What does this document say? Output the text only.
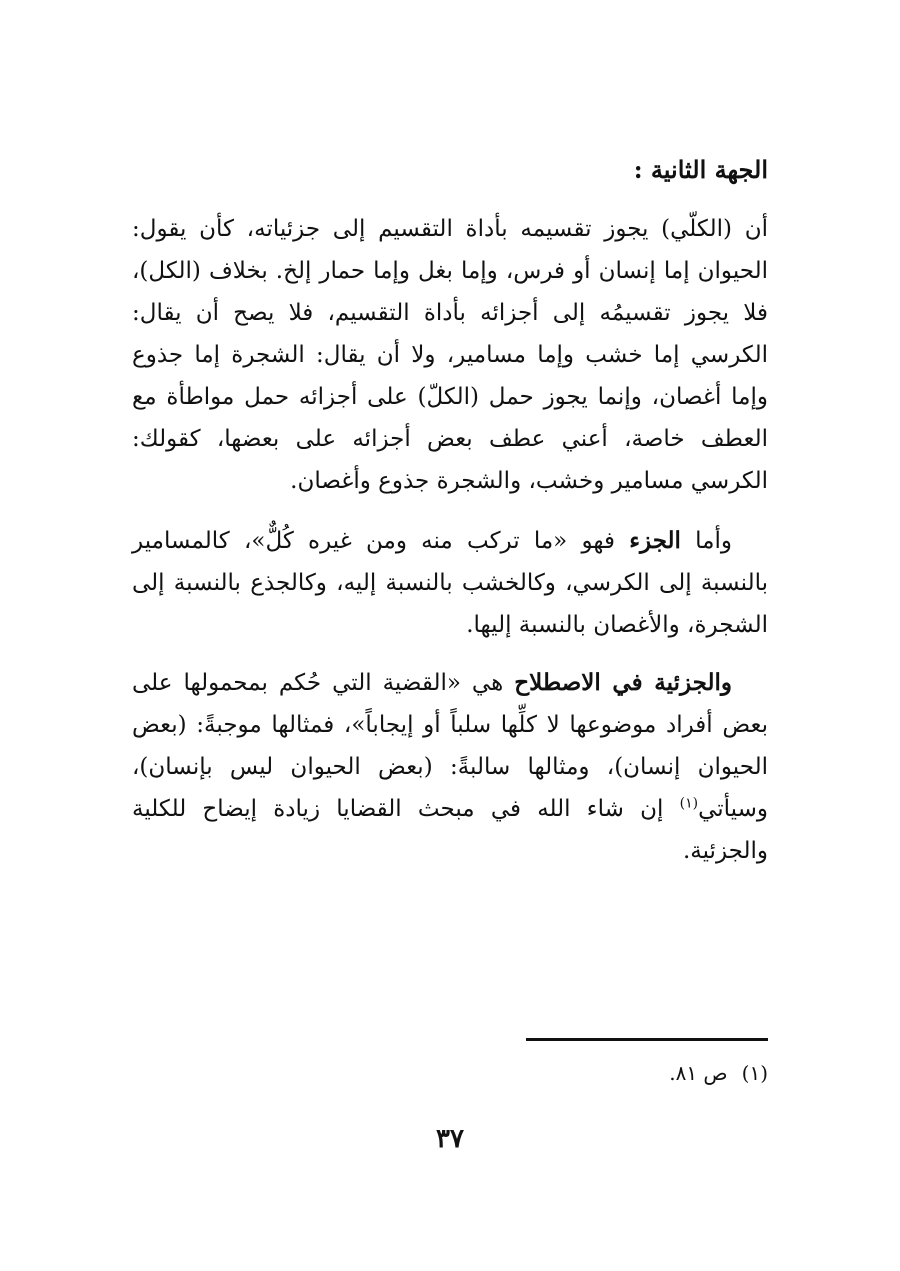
الجهة الثانية :
أن (الكلّي) يجوز تقسيمه بأداة التقسيم إلى جزئياته، كأن يقول: الحيوان إما إنسان أو فرس، وإما بغل وإما حمار إلخ. بخلاف (الكل)، فلا يجوز تقسيمُه إلى أجزائه بأداة التقسيم، فلا يصح أن يقال: الكرسي إما خشب وإما مسامير، ولا أن يقال: الشجرة إما جذوع وإما أغصان، وإنما يجوز حمل (الكلّ) على أجزائه حمل مواطأة مع العطف خاصة، أعني عطف بعض أجزائه على بعضها، كقولك: الكرسي مسامير وخشب، والشجرة جذوع وأغصان.
وأما الجزء فهو «ما تركب منه ومن غيره كُلٌّ»، كالمسامير بالنسبة إلى الكرسي، وكالخشب بالنسبة إليه، وكالجذع بالنسبة إلى الشجرة، والأغصان بالنسبة إليها.
والجزئية في الاصطلاح هي «القضية التي حُكم بمحمولها على بعض أفراد موضوعها لا كلِّها سلباً أو إيجاباً»، فمثالها موجبةً: (بعض الحيوان إنسان)، ومثالها سالبةً: (بعض الحيوان ليس بإنسان)، وسيأتي$^{(١)}$ إن شاء الله في مبحث القضايا زيادة إيضاح للكلية والجزئية.
(١)ص ٨١.
٣٧
